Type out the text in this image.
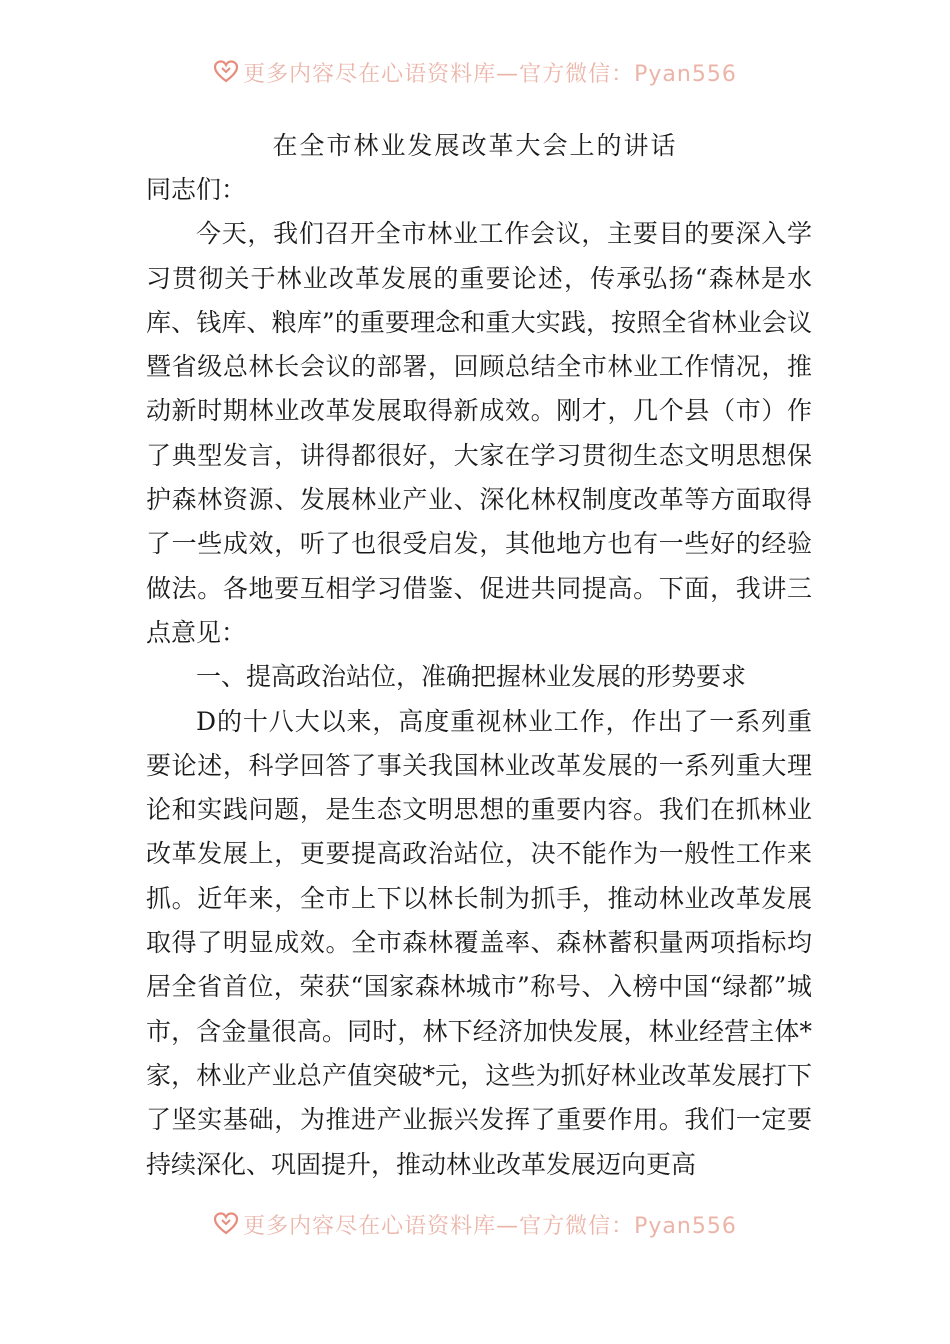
更多内容尽在心语资料库—官方微信：Pyan556
在全市林业发展改革大会上的讲话

同志们：

今天，我们召开全市林业工作会议，主要目的要深入学习贯彻关于林业改革发展的重要论述，传承弘扬“森林是水库、钱库、粮库”的重要理念和重大实践，按照全省林业会议暨省级总林长会议的部署，回顾总结全市林业工作情况，推动新时期林业改革发展取得新成效。刚才，几个县（市）作了典型发言，讲得都很好，大家在学习贯彻生态文明思想保护森林资源、发展林业产业、深化林权制度改革等方面取得了一些成效，听了也很受启发，其他地方也有一些好的经验做法。各地要互相学习借鉴、促进共同提高。下面，我讲三点意见：

一、提高政治站位，准确把握林业发展的形势要求

D的十八大以来，高度重视林业工作，作出了一系列重要论述，科学回答了事关我国林业改革发展的一系列重大理论和实践问题，是生态文明思想的重要内容。我们在抓林业改革发展上，更要提高政治站位，决不能作为一般性工作来抓。近年来，全市上下以林长制为抓手，推动林业改革发展取得了明显成效。全市森林覆盖率、森林蓄积量两项指标均居全省首位，荣获“国家森林城市”称号、入榜中国“绿都”城市，含金量很高。同时，林下经济加快发展，林业经营主体*家，林业产业总产值突破*元，这些为抓好林业改革发展打下了坚实基础，为推进产业振兴发挥了重要作用。我们一定要持续深化、巩固提升，推动林业改革发展迈向更高

更多内容尽在心语资料库—官方微信：Pyan556
